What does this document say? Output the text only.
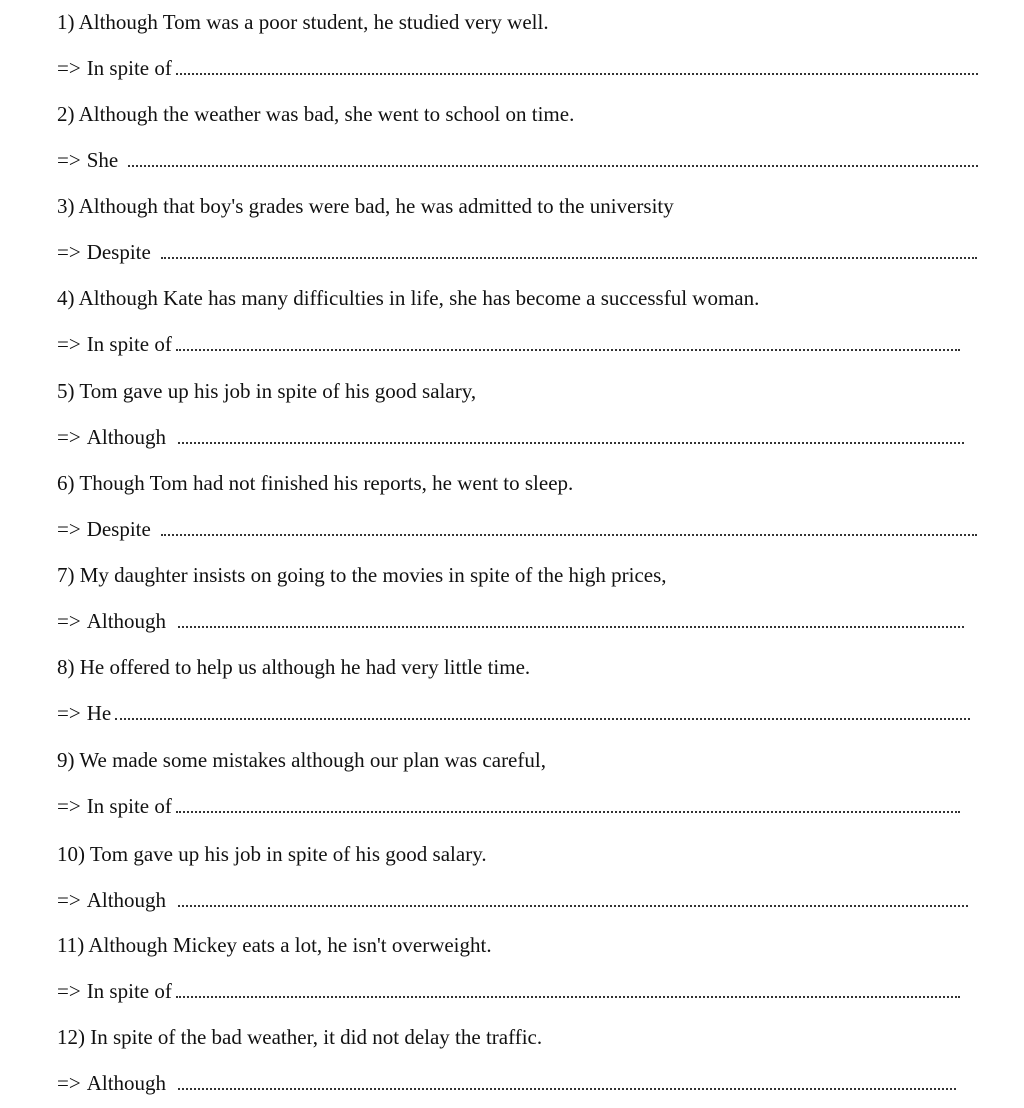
1) Although Tom was a poor student, he studied very well.
=> In spite of
2) Although the weather was bad, she went to school on time.
=> She
3) Although that boy's grades were bad, he was admitted to the university
=> Despite
4) Although Kate has many difficulties in life, she has become a successful woman.
=> In spite of
5) Tom gave up his job in spite of his good salary,
=> Although
6) Though Tom had not finished his reports, he went to sleep.
=> Despite
7) My daughter insists on going to the movies in spite of the high prices,
=> Although
8) He offered to help us although he had very little time.
=> He
9) We made some mistakes although our plan was careful,
=> In spite of
10) Tom gave up his job in spite of his good salary.
=> Although
11) Although Mickey eats a lot, he isn't overweight.
=> In spite of
12) In spite of the bad weather, it did not delay the traffic.
=> Although
